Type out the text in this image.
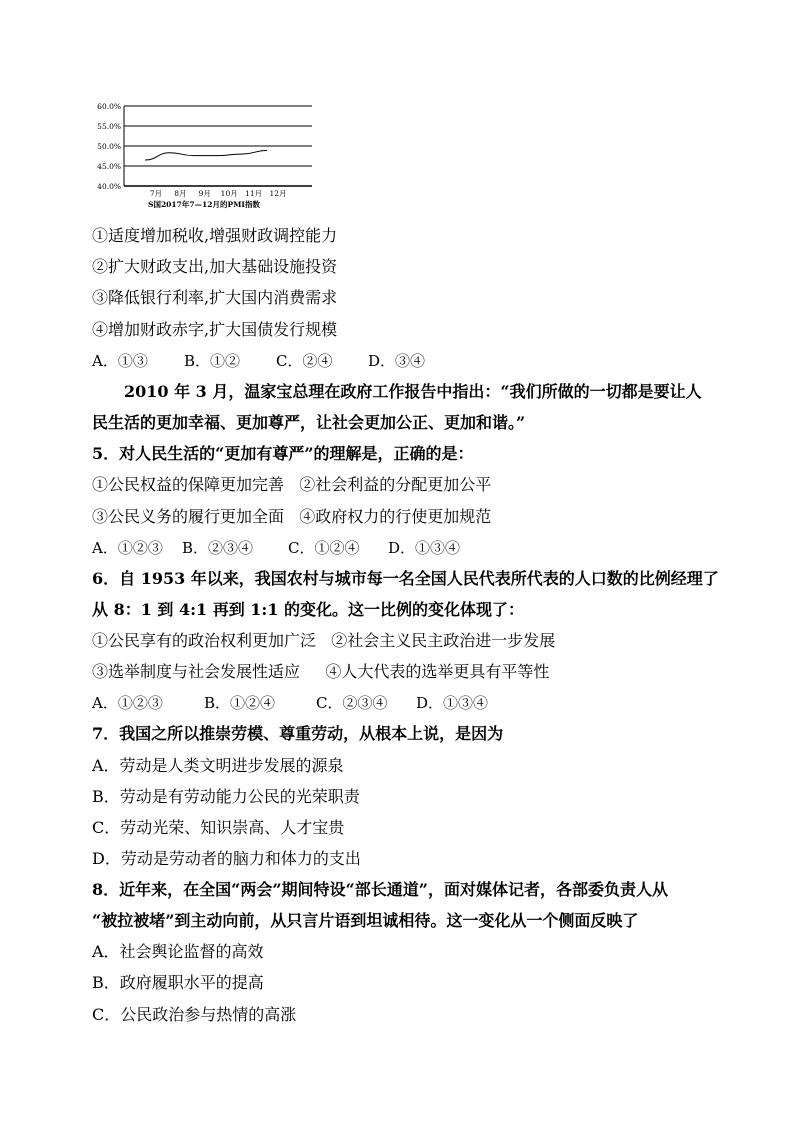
60.0%
55.0%
50.0%
45.0%
40.0%
7月 8月 9月 10月 11月 12月
S国2017年7—12月的PMI指数
①适度增加税收,增强财政调控能力
②扩大财政支出,加大基础设施投资
③降低银行利率,扩大国内消费需求
④增加财政赤字,扩大国债发行规模
A．①③ B．①② C．②④ D．③④
2010 年 3 月，温家宝总理在政府工作报告中指出：“我们所做的一切都是要让人
民生活的更加幸福、更加尊严，让社会更加公正、更加和谐。”
5．对人民生活的“更加有尊严”的理解是，正确的是：
①公民权益的保障更加完善   ②社会利益的分配更加公平
③公民义务的履行更加全面   ④政府权力的行使更加规范
A．①②③ B．②③④ C．①②④ D．①③④
6．自 1953 年以来，我国农村与城市每一名全国人民代表所代表的人口数的比例经理了
从 8：1 到 4:1 再到 1:1 的变化。这一比例的变化体现了：
①公民享有的政治权利更加广泛   ②社会主义民主政治进一步发展
③选举制度与社会发展性适应     ④人大代表的选举更具有平等性
A．①②③	B．①②④	C．②③④ D．①③④
7．我国之所以推崇劳模、尊重劳动，从根本上说，是因为
A．劳动是人类文明进步发展的源泉
B．劳动是有劳动能力公民的光荣职责
C．劳动光荣、知识崇高、人才宝贵
D．劳动是劳动者的脑力和体力的支出
8．近年来，在全国“两会”期间特设“部长通道”，面对媒体记者，各部委负责人从
“被拉被堵”到主动向前，从只言片语到坦诚相待。这一变化从一个侧面反映了
A．社会舆论监督的高效
B．政府履职水平的提高
C．公民政治参与热情的高涨
